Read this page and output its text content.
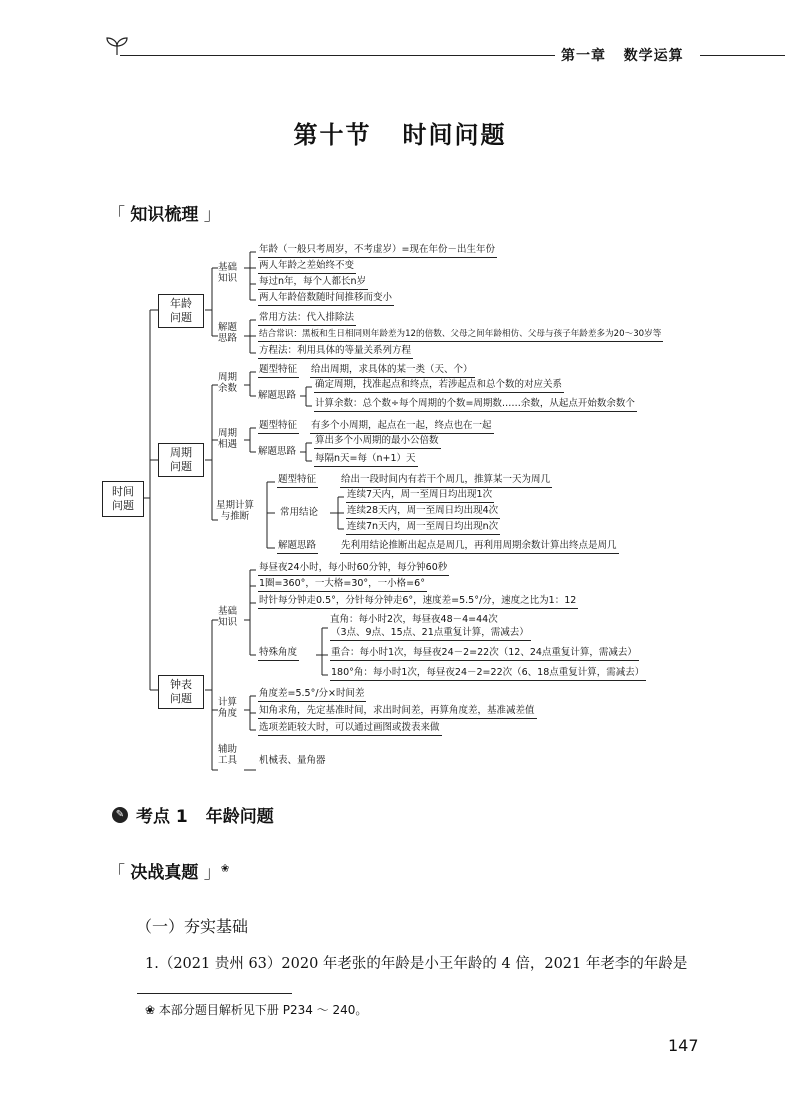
第一章 数学运算
第十节   时间问题
「 知识梳理 」
时间
问题
年龄
问题
周期
问题
钟表
问题
基础
知识
年龄（一般只考周岁，不考虚岁）=现在年份－出生年份
两人年龄之差始终不变
每过n年，每个人都长n岁
两人年龄倍数随时间推移而变小
解题
思路
常用方法：代入排除法
结合常识：黑板和生日相同则年龄差为12的倍数、父母之间年龄相仿、父母与孩子年龄差多为20～30岁等
方程法：利用具体的等量关系列方程
周期
余数
题型特征 给出周期，求具体的某一类（天、个）
解题思路
确定周期，找准起点和终点，若涉起点和总个数的对应关系
计算余数：总个数÷每个周期的个数=周期数……余数，从起点开始数余数个
周期
相遇
题型特征 有多个小周期，起点在一起，终点也在一起
解题思路
算出多个小周期的最小公倍数
每隔n天=每（n+1）天
星期计算
与推断
题型特征	给出一段时间内有若干个周几，推算某一天为周几
常用结论
连续7天内，周一至周日均出现1次
连续28天内，周一至周日均出现4次
连续7n天内，周一至周日均出现n次
解题思路	先利用结论推断出起点是周几，再利用周期余数计算出终点是周几
基础
知识
每昼夜24小时，每小时60分钟，每分钟60秒
1圈=360°，一大格=30°，一小格=6°
时针每分钟走0.5°，分针每分钟走6°，速度差=5.5°/分，速度之比为1：12
特殊角度
直角：每小时2次，每昼夜48－4=44次
（3点、9点、15点、21点重复计算，需减去）
重合：每小时1次，每昼夜24－2=22次（12、24点重复计算，需减去）
180°角：每小时1次，每昼夜24－2=22次（6、18点重复计算，需减去）
计算
角度
角度差=5.5°/分×时间差
知角求角，先定基准时间，求出时间差，再算角度差，基准减差值
选项差距较大时，可以通过画图或拨表来做
辅助
工具 机械表、量角器
✎ 考点 1 年龄问题
「 决战真题 」❀
（一）夯实基础
1.（2021 贵州 63）2020 年老张的年龄是小王年龄的 4 倍，2021 年老李的年龄是
❀ 本部分题目解析见下册 P234 ～ 240。
147
